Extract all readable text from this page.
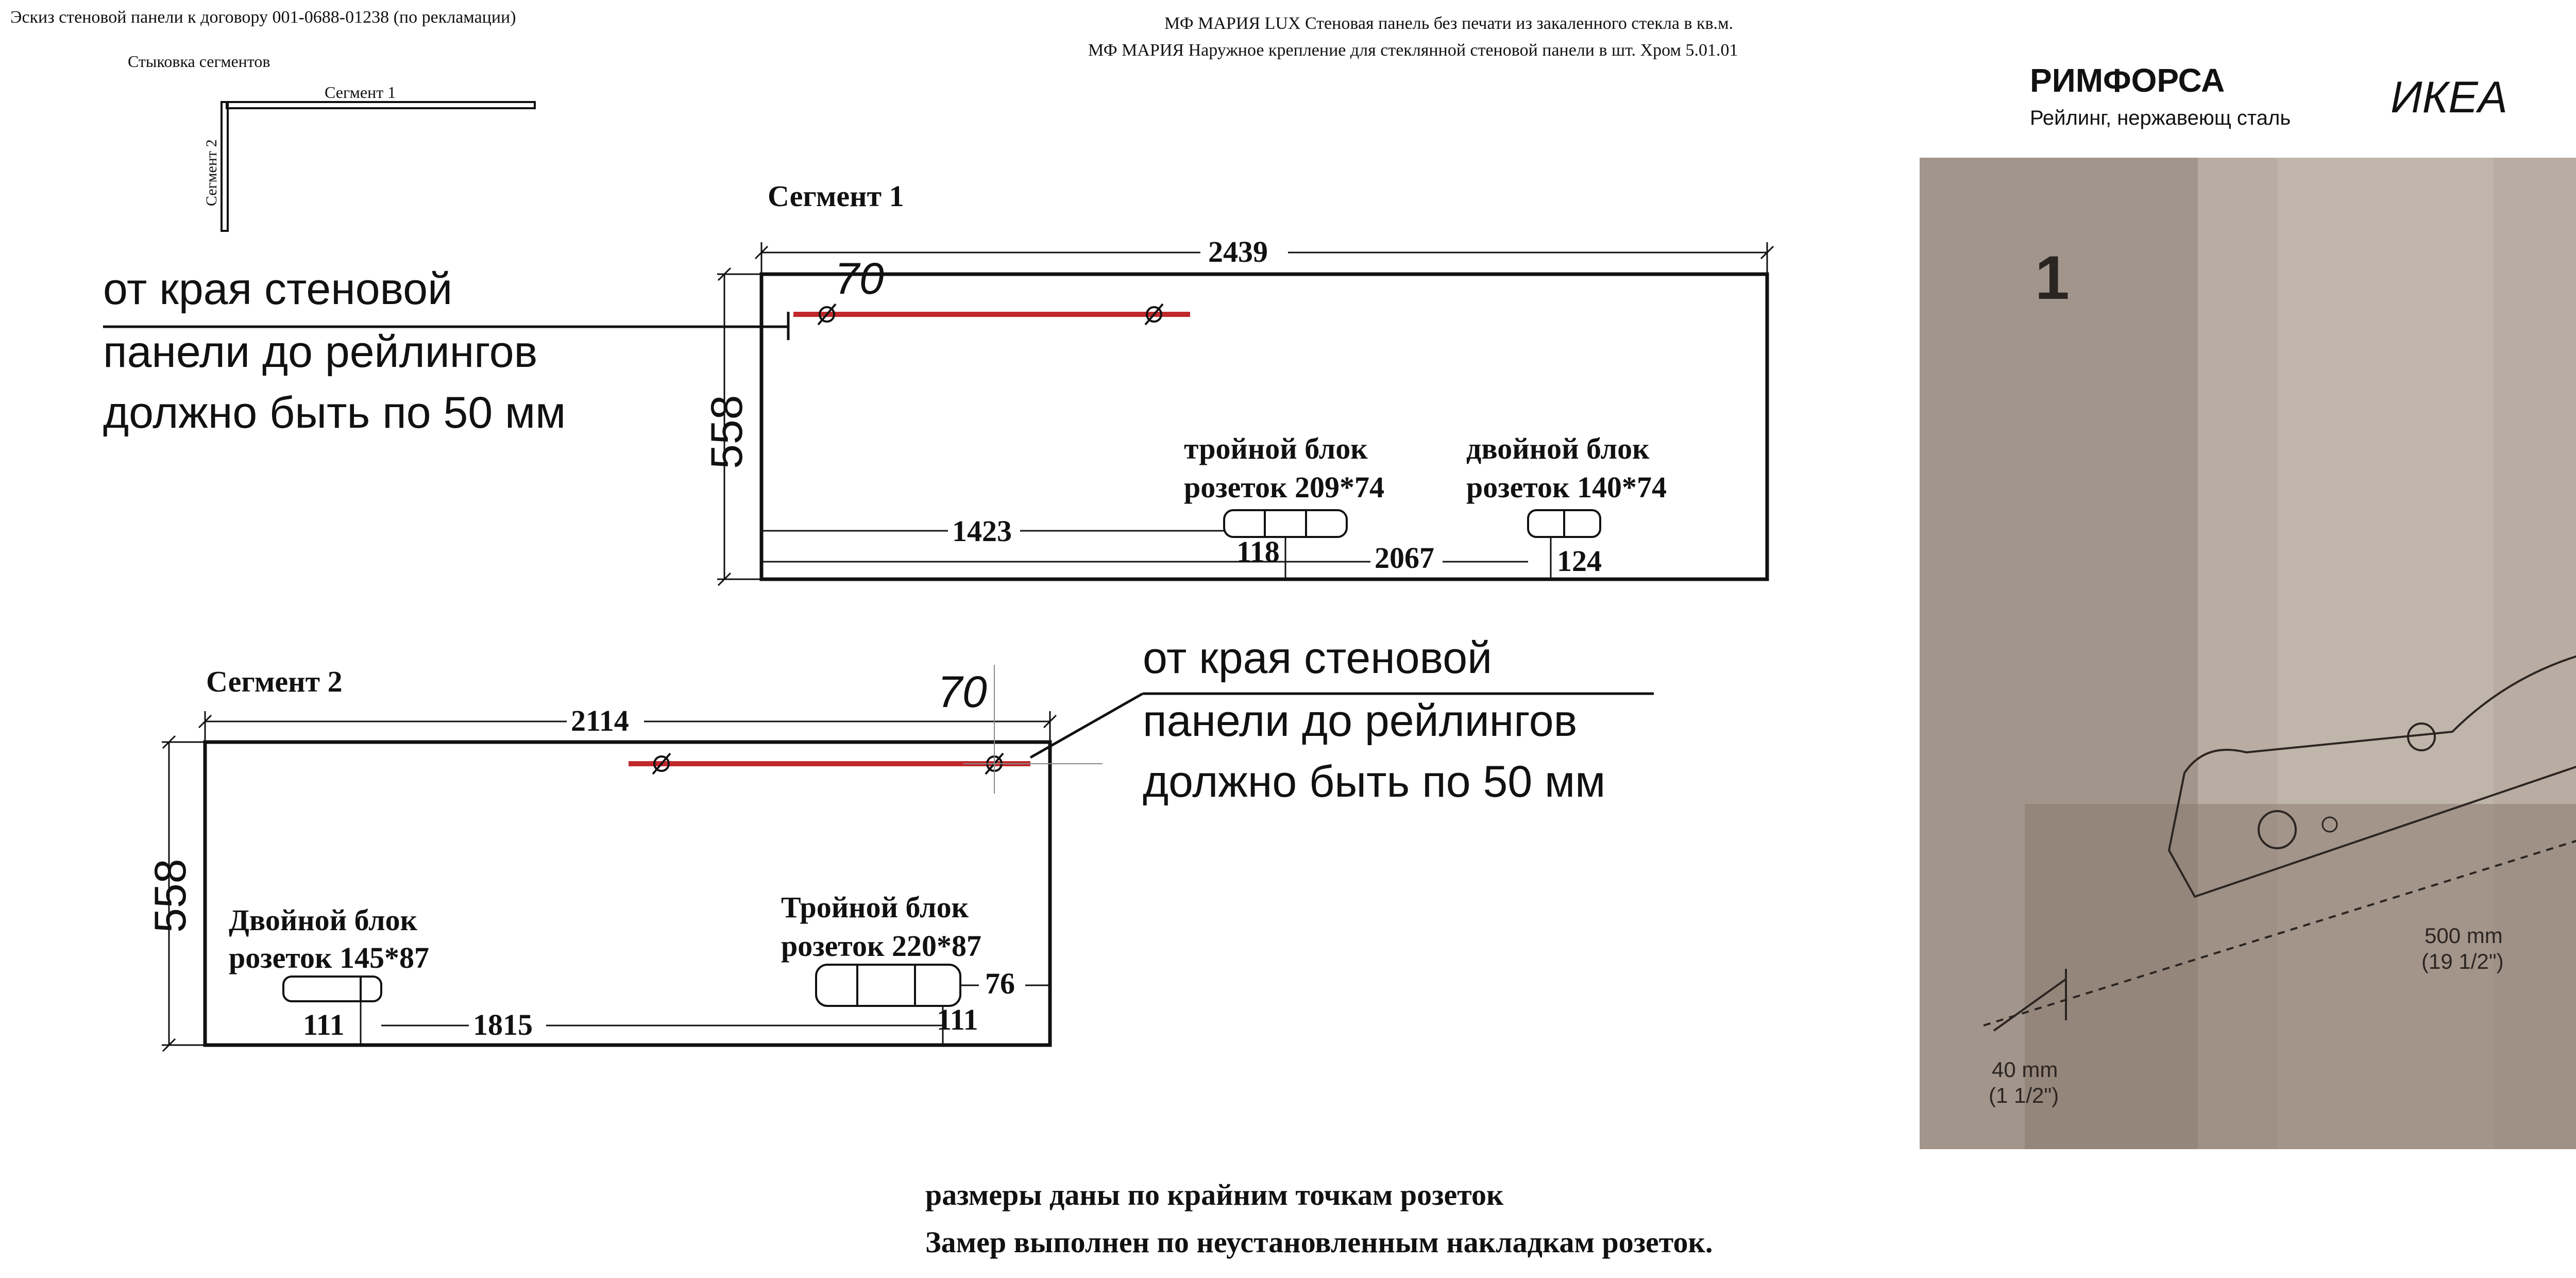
Эскиз стеновой панели к договору 001-0688-01238 (по рекламации)	МФ МАРИЯ LUX Стеновая панель без печати из закаленного стекла в кв.м.
МФ МАРИЯ Наружное крепление для стеклянной стеновой панели в шт. Хром 5.01.01
Стыковка сегментов
Сегмент 1
Сегмент 2
от края стеновой
панели до рейлингов
должно быть по 50 мм
Сегмент 1
2439
558
70
тройной блок
розеток 209*74
двойной блок
розеток 140*74
1423
118	2067	124
Сегмент 2
2114
558
70
Двойной блок
розеток 145*87
Тройной блок
розеток 220*87
111	1815	111
76
от края стеновой
панели до рейлингов
должно быть по 50 мм
размеры даны по крайним точкам розеток
Замер выполнен по неустановленным накладкам розеток.
РИМФОРСА
Рейлинг, нержавеющ сталь ИКЕА
1
500 mm
(19 1/2")
40 mm
(1 1/2")
